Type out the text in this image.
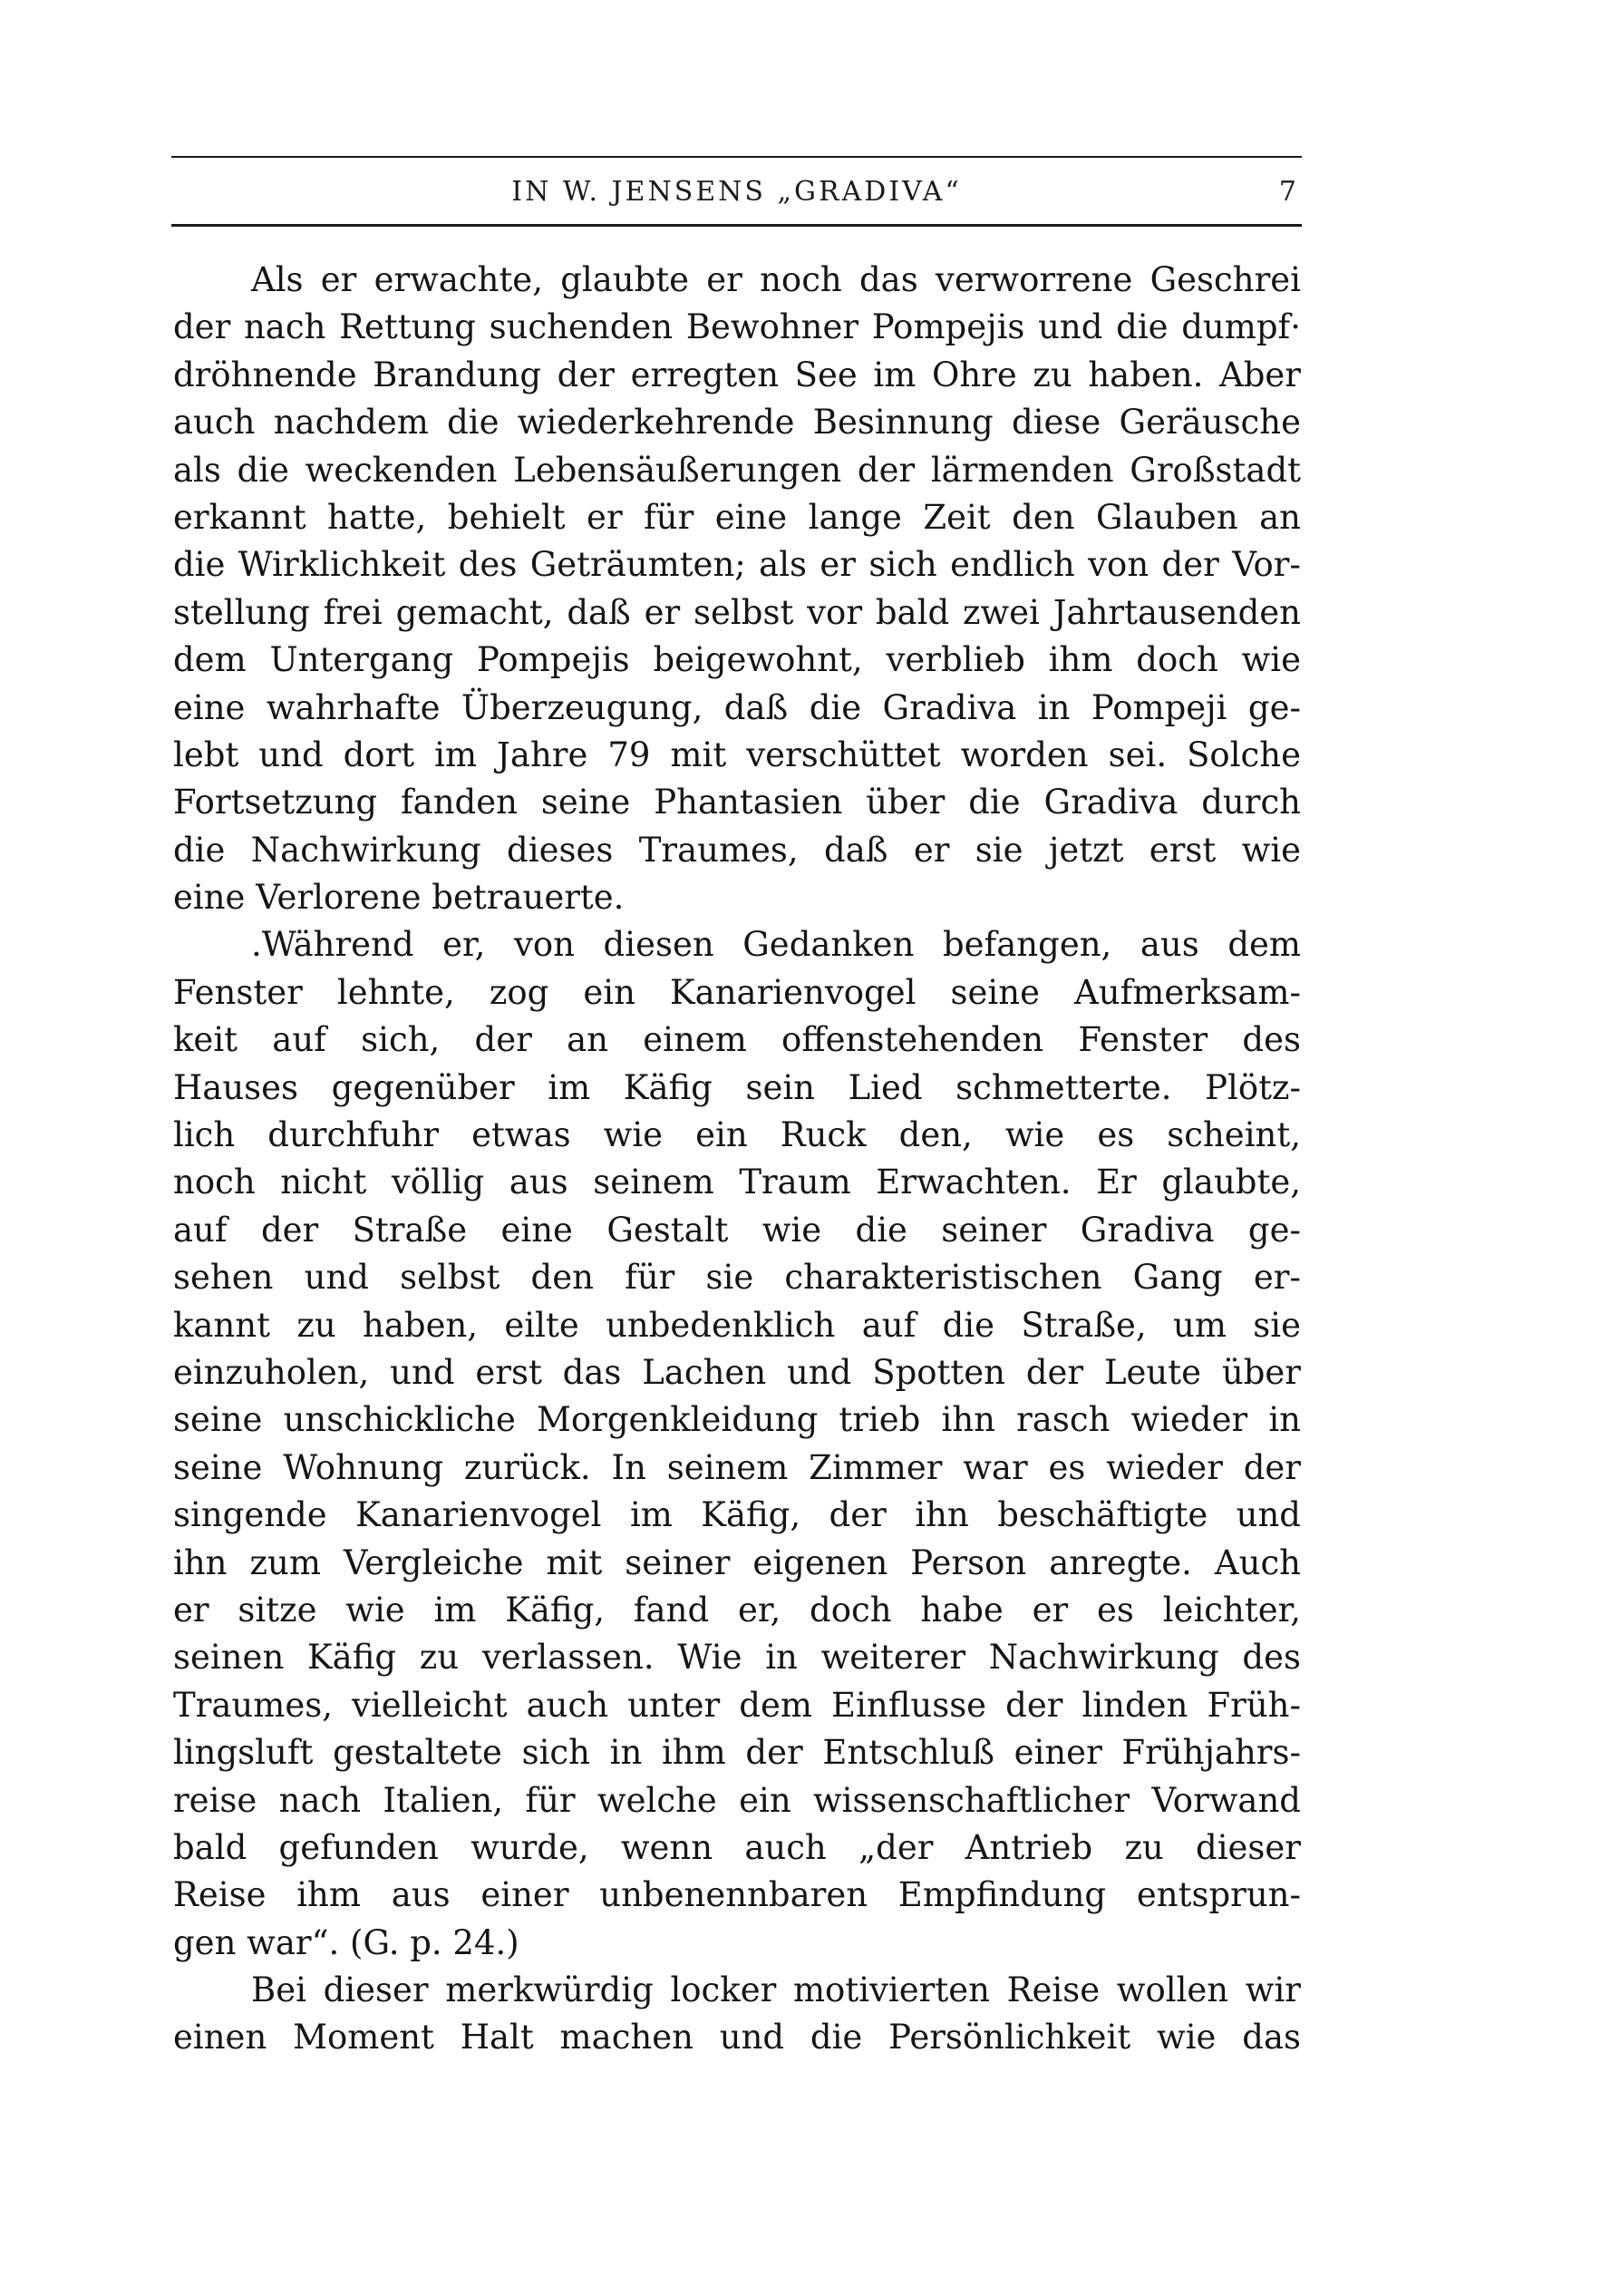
IN W. JENSENS „GRADIVA“	7
Als er erwachte, glaubte er noch das verworrene Geschrei
der nach Rettung suchenden Bewohner Pompejis und die dumpf·
dröhnende Brandung der erregten See im Ohre zu haben. Aber
auch nachdem die wiederkehrende Besinnung diese Geräusche
als die weckenden Lebensäußerungen der lärmenden Großstadt
erkannt hatte, behielt er für eine lange Zeit den Glauben an
die Wirklichkeit des Geträumten; als er sich endlich von der Vor-
stellung frei gemacht, daß er selbst vor bald zwei Jahrtausenden
dem Untergang Pompejis beigewohnt, verblieb ihm doch wie
eine wahrhafte Überzeugung, daß die Gradiva in Pompeji ge-
lebt und dort im Jahre 79 mit verschüttet worden sei. Solche
Fortsetzung fanden seine Phantasien über die Gradiva durch
die Nachwirkung dieses Traumes, daß er sie jetzt erst wie
eine Verlorene betrauerte.
.Während er, von diesen Gedanken befangen, aus dem
Fenster lehnte, zog ein Kanarienvogel seine Aufmerksam-
keit auf sich, der an einem offenstehenden Fenster des
Hauses gegenüber im Käfig sein Lied schmetterte. Plötz-
lich durchfuhr etwas wie ein Ruck den, wie es scheint,
noch nicht völlig aus seinem Traum Erwachten. Er glaubte,
auf der Straße eine Gestalt wie die seiner Gradiva ge-
sehen und selbst den für sie charakteristischen Gang er-
kannt zu haben, eilte unbedenklich auf die Straße, um sie
einzuholen, und erst das Lachen und Spotten der Leute über
seine unschickliche Morgenkleidung trieb ihn rasch wieder in
seine Wohnung zurück. In seinem Zimmer war es wieder der
singende Kanarienvogel im Käfig, der ihn beschäftigte und
ihn zum Vergleiche mit seiner eigenen Person anregte. Auch
er sitze wie im Käfig, fand er, doch habe er es leichter,
seinen Käfig zu verlassen. Wie in weiterer Nachwirkung des
Traumes, vielleicht auch unter dem Einflusse der linden Früh-
lingsluft gestaltete sich in ihm der Entschluß einer Frühjahrs-
reise nach Italien, für welche ein wissenschaftlicher Vorwand
bald gefunden wurde, wenn auch „der Antrieb zu dieser
Reise ihm aus einer unbenennbaren Empfindung entsprun-
gen war“. (G. p. 24.)
Bei dieser merkwürdig locker motivierten Reise wollen wir
einen Moment Halt machen und die Persönlichkeit wie das
